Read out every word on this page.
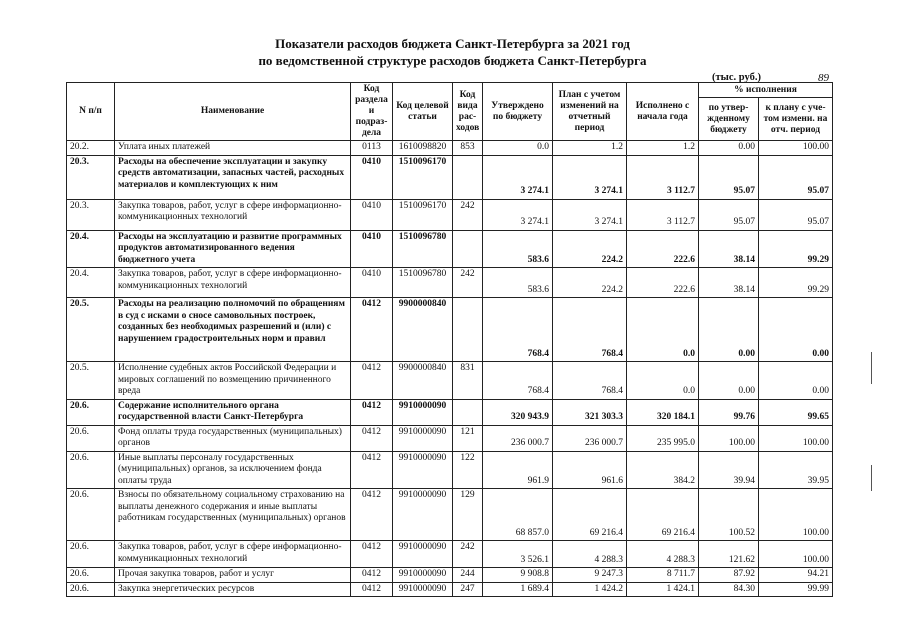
Показатели расходов бюджета Санкт-Петербурга за 2021 год
по ведомственной структуре расходов бюджета Санкт-Петербурга
(тыс. руб.)	89
N п/п	Наименование	Код раздела и подраз-дела	Код целевой статьи	Код вида рас-ходов	Утверждено по бюджету	План с учетом изменений на отчетный период	Исполнено с начала года	% исполнения	
								по утвер-жденному бюджету	к плану с уче-том измени. на отч. период
20.2.	Уплата иных платежей	0113	1610098820	853	0.0	1.2	1.2	0.00	100.00
20.3.	Расходы на обеспечение эксплуатации и закупку средств автоматизации, запасных частей, расходных материалов и комплектующих к ним	0410	1510096170		3 274.1	3 274.1	3 112.7	95.07	95.07
20.3.	Закупка товаров, работ, услуг в сфере информационно-коммуникационных технологий	0410	1510096170	242	3 274.1	3 274.1	3 112.7	95.07	95.07
20.4.	Расходы на эксплуатацию и развитие программных продуктов автоматизированного ведения бюджетного учета	0410	1510096780		583.6	224.2	222.6	38.14	99.29
20.4.	Закупка товаров, работ, услуг в сфере информационно-коммуникационных технологий	0410	1510096780	242	583.6	224.2	222.6	38.14	99.29
20.5.	Расходы на реализацию полномочий по обращениям в суд с исками о сносе самовольных построек, созданных без необходимых разрешений и (или) с нарушением градостроительных норм и правил	0412	9900000840		768.4	768.4	0.0	0.00	0.00
20.5.	Исполнение судебных актов Российской Федерации и мировых соглашений по возмещению причиненного вреда	0412	9900000840	831	768.4	768.4	0.0	0.00	0.00
20.6.	Содержание исполнительного органа государственной власти Санкт-Петербурга	0412	9910000090		320 943.9	321 303.3	320 184.1	99.76	99.65
20.6.	Фонд оплаты труда государственных (муниципальных) органов	0412	9910000090	121	236 000.7	236 000.7	235 995.0	100.00	100.00
20.6.	Иные выплаты персоналу государственных (муниципальных) органов, за исключением фонда оплаты труда	0412	9910000090	122	961.9	961.6	384.2	39.94	39.95
20.6.	Взносы по обязательному социальному страхованию на выплаты денежного содержания и иные выплаты работникам государственных (муниципальных) органов	0412	9910000090	129	68 857.0	69 216.4	69 216.4	100.52	100.00
20.6.	Закупка товаров, работ, услуг в сфере информационно-коммуникационных технологий	0412	9910000090	242	3 526.1	4 288.3	4 288.3	121.62	100.00
20.6.	Прочая закупка товаров, работ и услуг	0412	9910000090	244	9 908.8	9 247.3	8 711.7	87.92	94.21
20.6.	Закупка энергетических ресурсов	0412	9910000090	247	1 689.4	1 424.2	1 424.1	84.30	99.99
